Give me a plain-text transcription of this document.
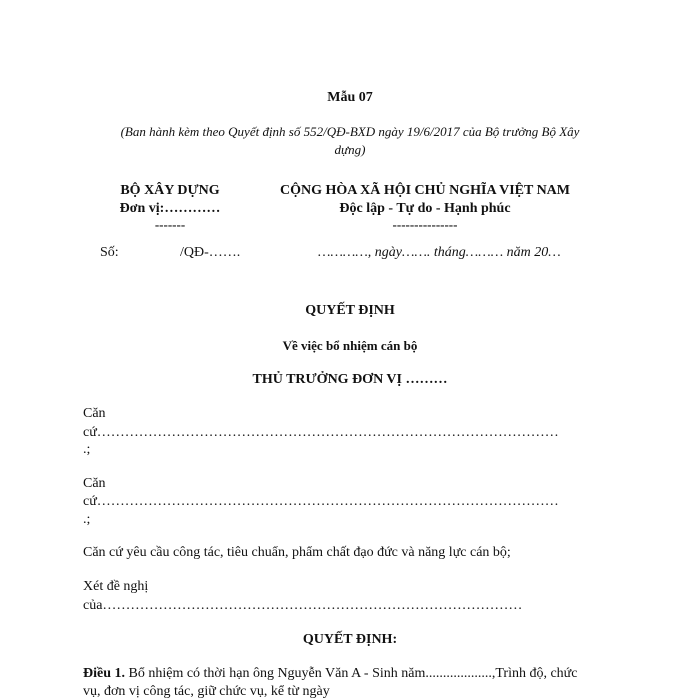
Mẫu 07
(Ban hành kèm theo Quyết định số 552/QĐ-BXD ngày 19/6/2017 của Bộ trưởng Bộ Xây
dựng)
BỘ XÂY DỰNG
Đơn vị:…………
-------
CỘNG HÒA XÃ HỘI CHỦ NGHĨA VIỆT NAM
Độc lập - Tự do - Hạnh phúc
---------------
Số:	/QĐ-…….	…………, ngày……. tháng……… năm 20…
QUYẾT ĐỊNH
Về việc bổ nhiệm cán bộ
THỦ TRƯỞNG ĐƠN VỊ ………
Căn
cứ………………………………………………………………………………………
.;
Căn
cứ………………………………………………………………………………………
.;
Căn cứ yêu cầu công tác, tiêu chuẩn, phẩm chất đạo đức và năng lực cán bộ;
Xét đề nghị
của………………………………………………………………………………
QUYẾT ĐỊNH:
Điều 1. Bổ nhiệm có thời hạn ông Nguyễn Văn A - Sinh năm...................,Trình độ, chức
vụ, đơn vị công tác, giữ chức vụ, kể từ ngày
